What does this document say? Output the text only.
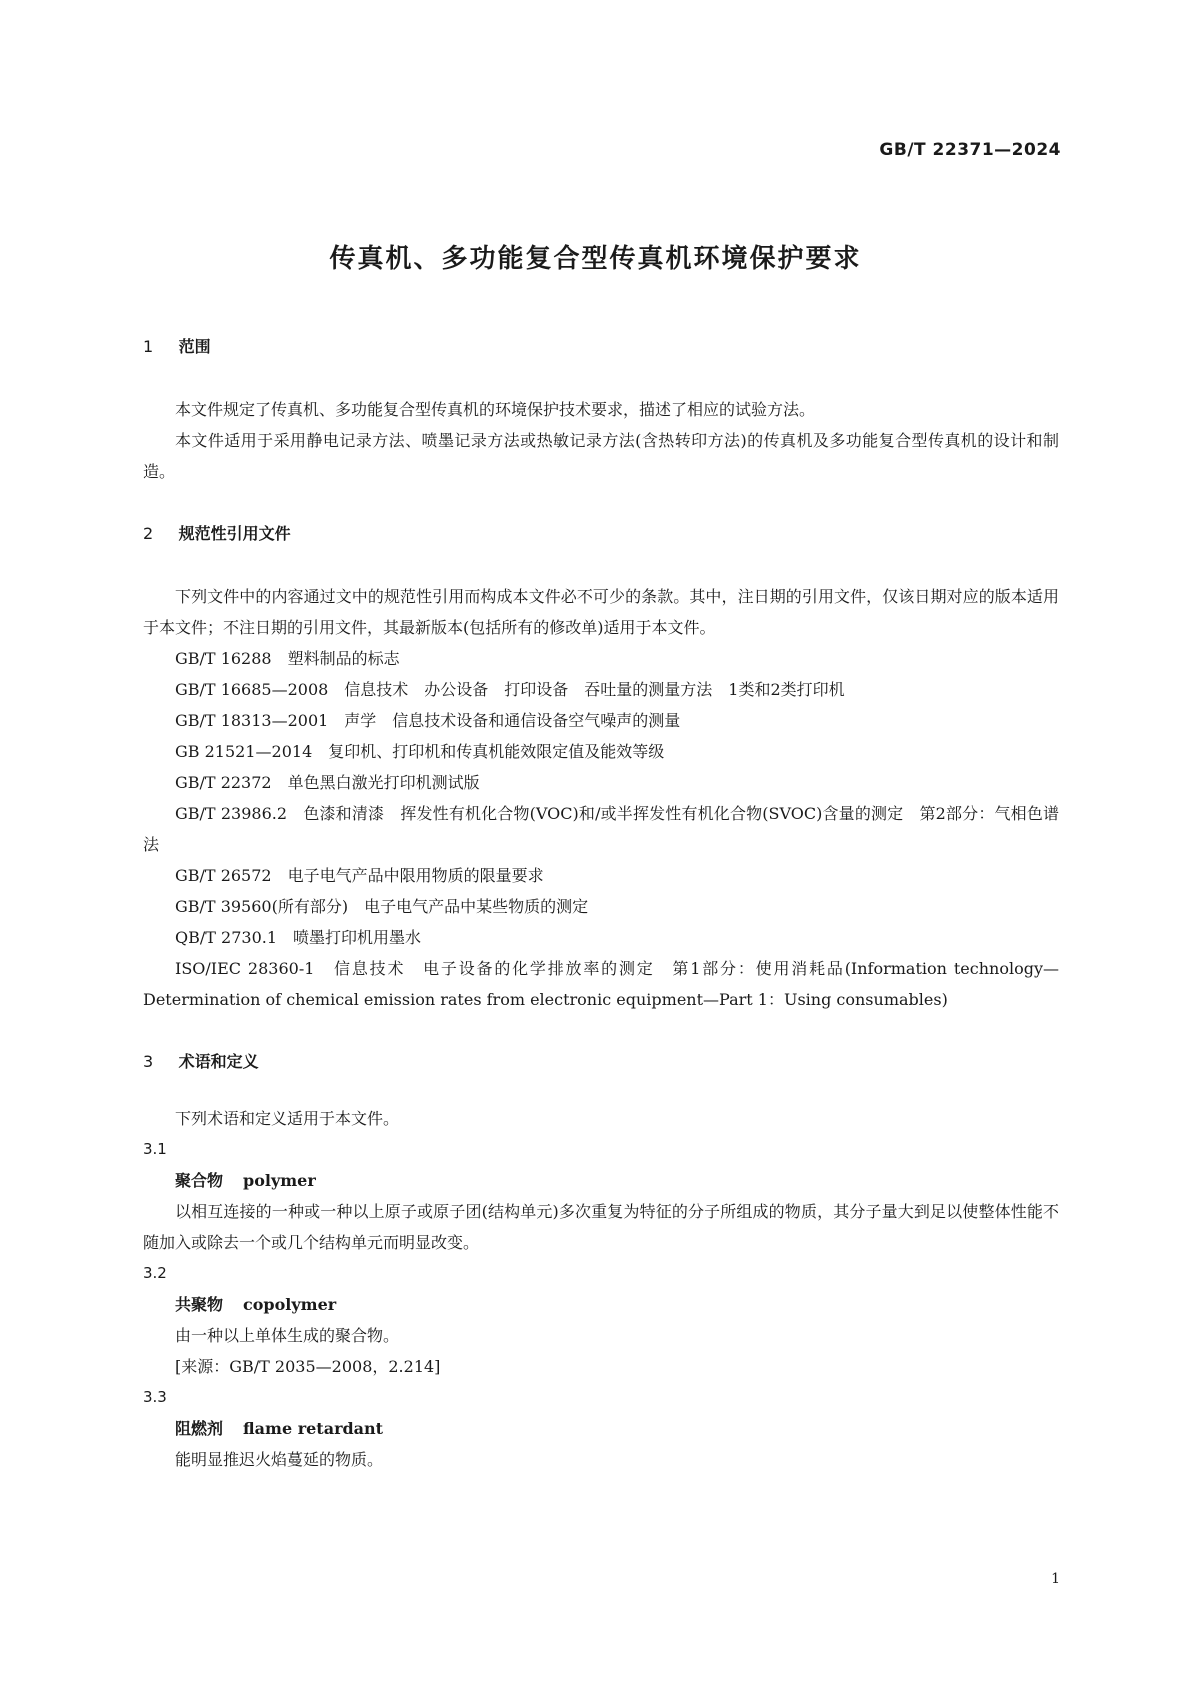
GB/T 22371—2024
传真机、多功能复合型传真机环境保护要求
1 范围

本文件规定了传真机、多功能复合型传真机的环境保护技术要求，描述了相应的试验方法。

本文件适用于采用静电记录方法、喷墨记录方法或热敏记录方法(含热转印方法)的传真机及多功能复合型传真机的设计和制造。

2 规范性引用文件

下列文件中的内容通过文中的规范性引用而构成本文件必不可少的条款。其中，注日期的引用文件，仅该日期对应的版本适用于本文件；不注日期的引用文件，其最新版本(包括所有的修改单)适用于本文件。

GB/T 16288　塑料制品的标志

GB/T 16685—2008　信息技术　办公设备　打印设备　吞吐量的测量方法　1类和2类打印机

GB/T 18313—2001　声学　信息技术设备和通信设备空气噪声的测量

GB 21521—2014　复印机、打印机和传真机能效限定值及能效等级

GB/T 22372　单色黑白激光打印机测试版

GB/T 23986.2　色漆和清漆　挥发性有机化合物(VOC)和/或半挥发性有机化合物(SVOC)含量的测定　第2部分：气相色谱法

GB/T 26572　电子电气产品中限用物质的限量要求

GB/T 39560(所有部分)　电子电气产品中某些物质的测定

QB/T 2730.1　喷墨打印机用墨水

ISO/IEC 28360-1　信息技术　电子设备的化学排放率的测定　第1部分：使用消耗品(Information technology—Determination of chemical emission rates from electronic equipment—Part 1：Using consumables)

3 术语和定义

下列术语和定义适用于本文件。

3.1

聚合物 polymer

以相互连接的一种或一种以上原子或原子团(结构单元)多次重复为特征的分子所组成的物质，其分子量大到足以使整体性能不随加入或除去一个或几个结构单元而明显改变。

3.2

共聚物 copolymer

由一种以上单体生成的聚合物。

[来源：GB/T 2035—2008，2.214]

3.3

阻燃剂 flame retardant

能明显推迟火焰蔓延的物质。

1
